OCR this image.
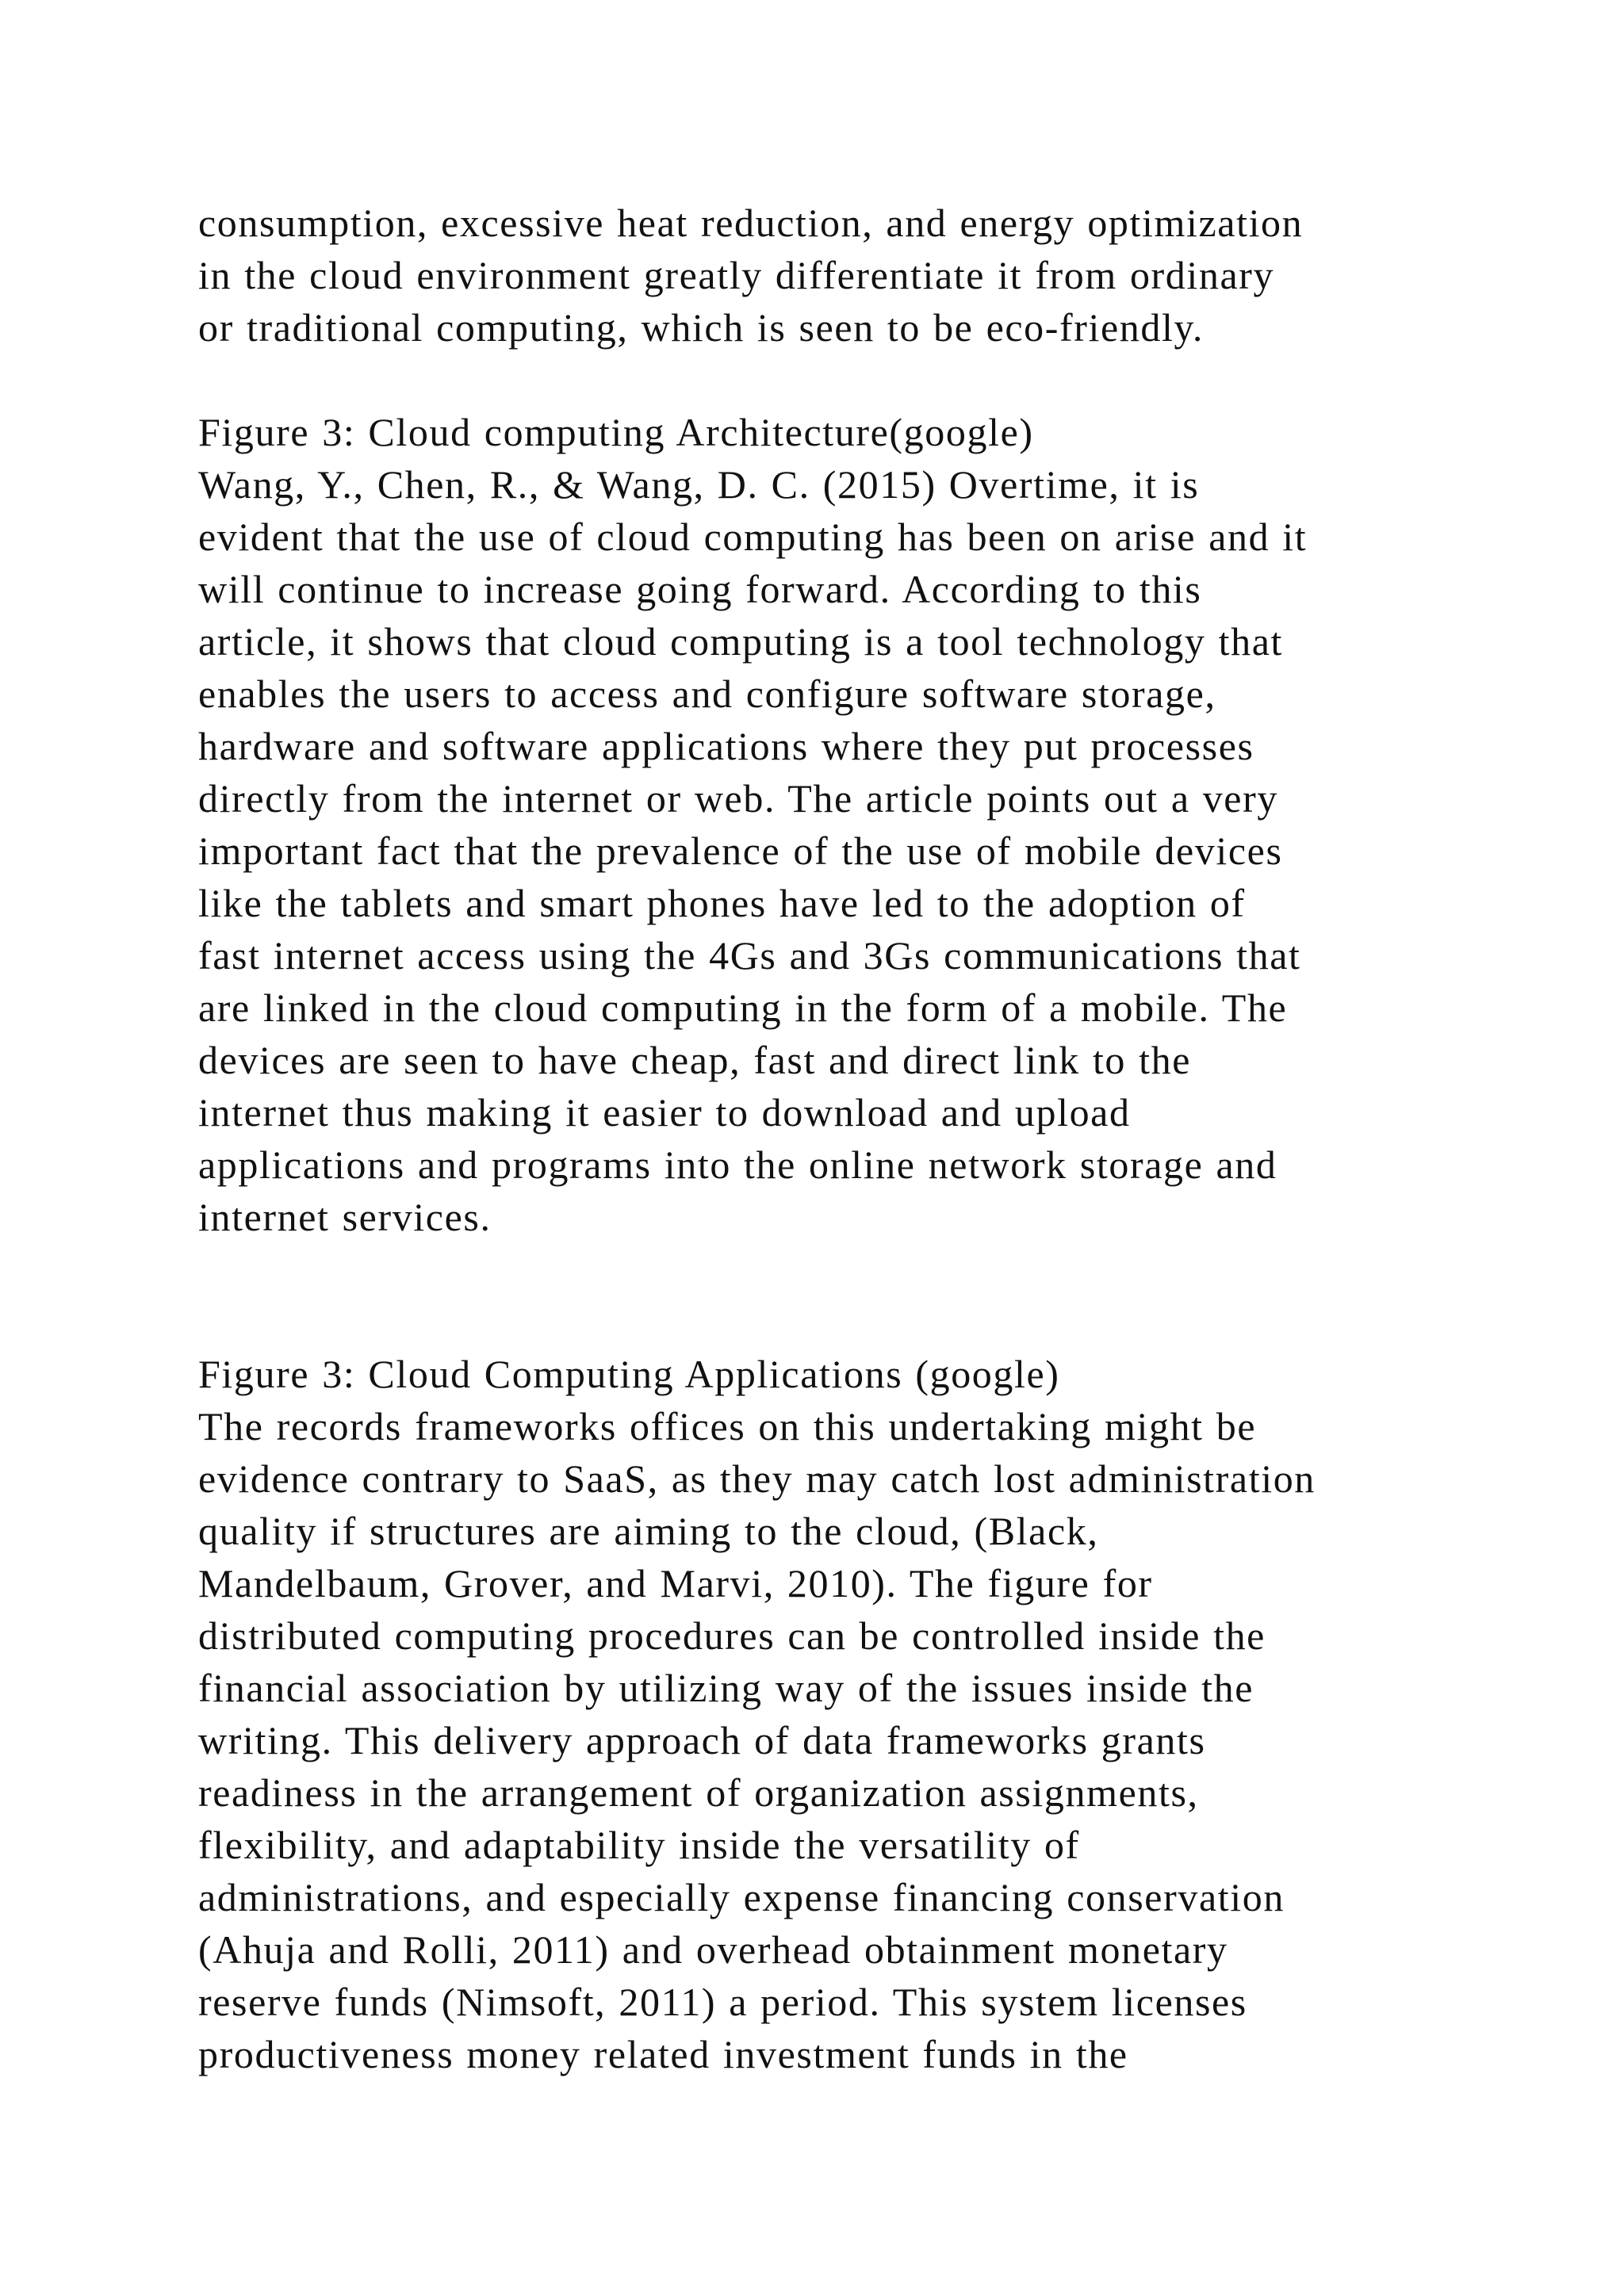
consumption, excessive heat reduction, and energy optimization
in the cloud environment greatly differentiate it from ordinary
or traditional computing, which is seen to be eco-friendly.
Figure 3: Cloud computing Architecture(google)
Wang, Y., Chen, R., & Wang, D. C. (2015) Overtime, it is
evident that the use of cloud computing has been on arise and it
will continue to increase going forward. According to this
article, it shows that cloud computing is a tool technology that
enables the users to access and configure software storage,
hardware and software applications where they put processes
directly from the internet or web. The article points out a very
important fact that the prevalence of the use of mobile devices
like the tablets and smart phones have led to the adoption of
fast internet access using the 4Gs and 3Gs communications that
are linked in the cloud computing in the form of a mobile. The
devices are seen to have cheap, fast and direct link to the
internet thus making it easier to download and upload
applications and programs into the online network storage and
internet services.
Figure 3: Cloud Computing Applications (google)
The records frameworks offices on this undertaking might be
evidence contrary to SaaS, as they may catch lost administration
quality if structures are aiming to the cloud, (Black,
Mandelbaum, Grover, and Marvi, 2010). The figure for
distributed computing procedures can be controlled inside the
financial association by utilizing way of the issues inside the
writing. This delivery approach of data frameworks grants
readiness in the arrangement of organization assignments,
flexibility, and adaptability inside the versatility of
administrations, and especially expense financing conservation
(Ahuja and Rolli, 2011) and overhead obtainment monetary
reserve funds (Nimsoft, 2011) a period. This system licenses
productiveness money related investment funds in the
